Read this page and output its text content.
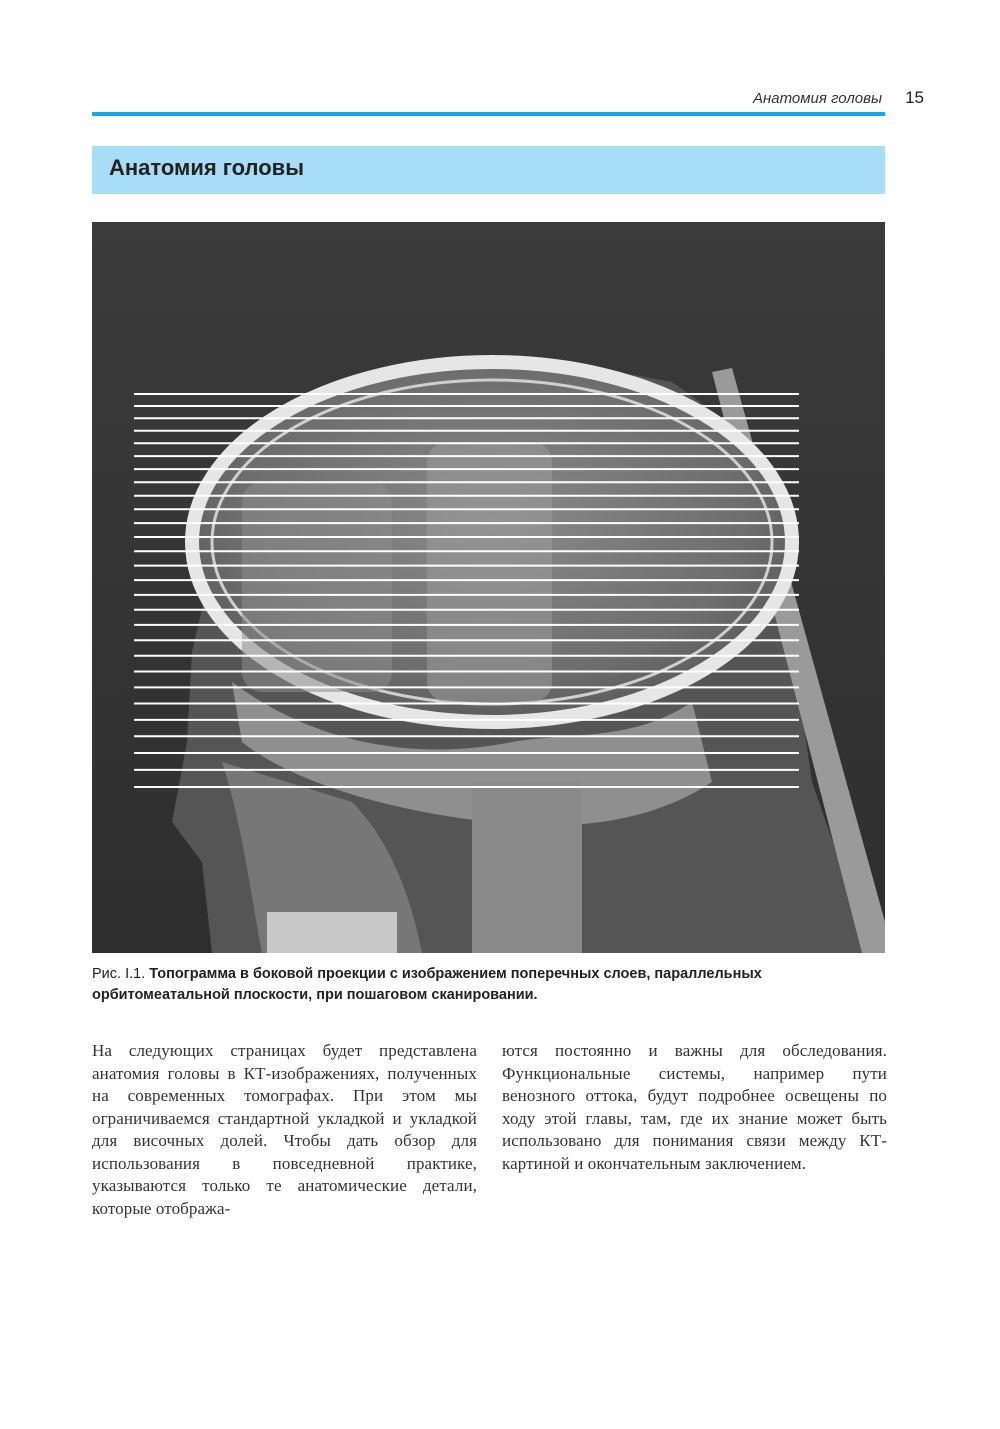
Анатомия головы 15
Анатомия головы
Рис. I.1. Топограмма в боковой проекции с изображением поперечных слоев, параллельных орбитомеатальной плоскости, при пошаговом сканировании.
На следующих страницах будет представлена анатомия головы в КТ-изображениях, полученных на современных томографах. При этом мы ограничиваемся стандартной укладкой и укладкой для височных долей. Чтобы дать обзор для использования в повседневной практике, указываются только те анатомические детали, которые отобража-
ются постоянно и важны для обследования. Функциональные системы, например пути венозного оттока, будут подробнее освещены по ходу этой главы, там, где их знание может быть использовано для понимания связи между КТ-картиной и окончательным заключением.
